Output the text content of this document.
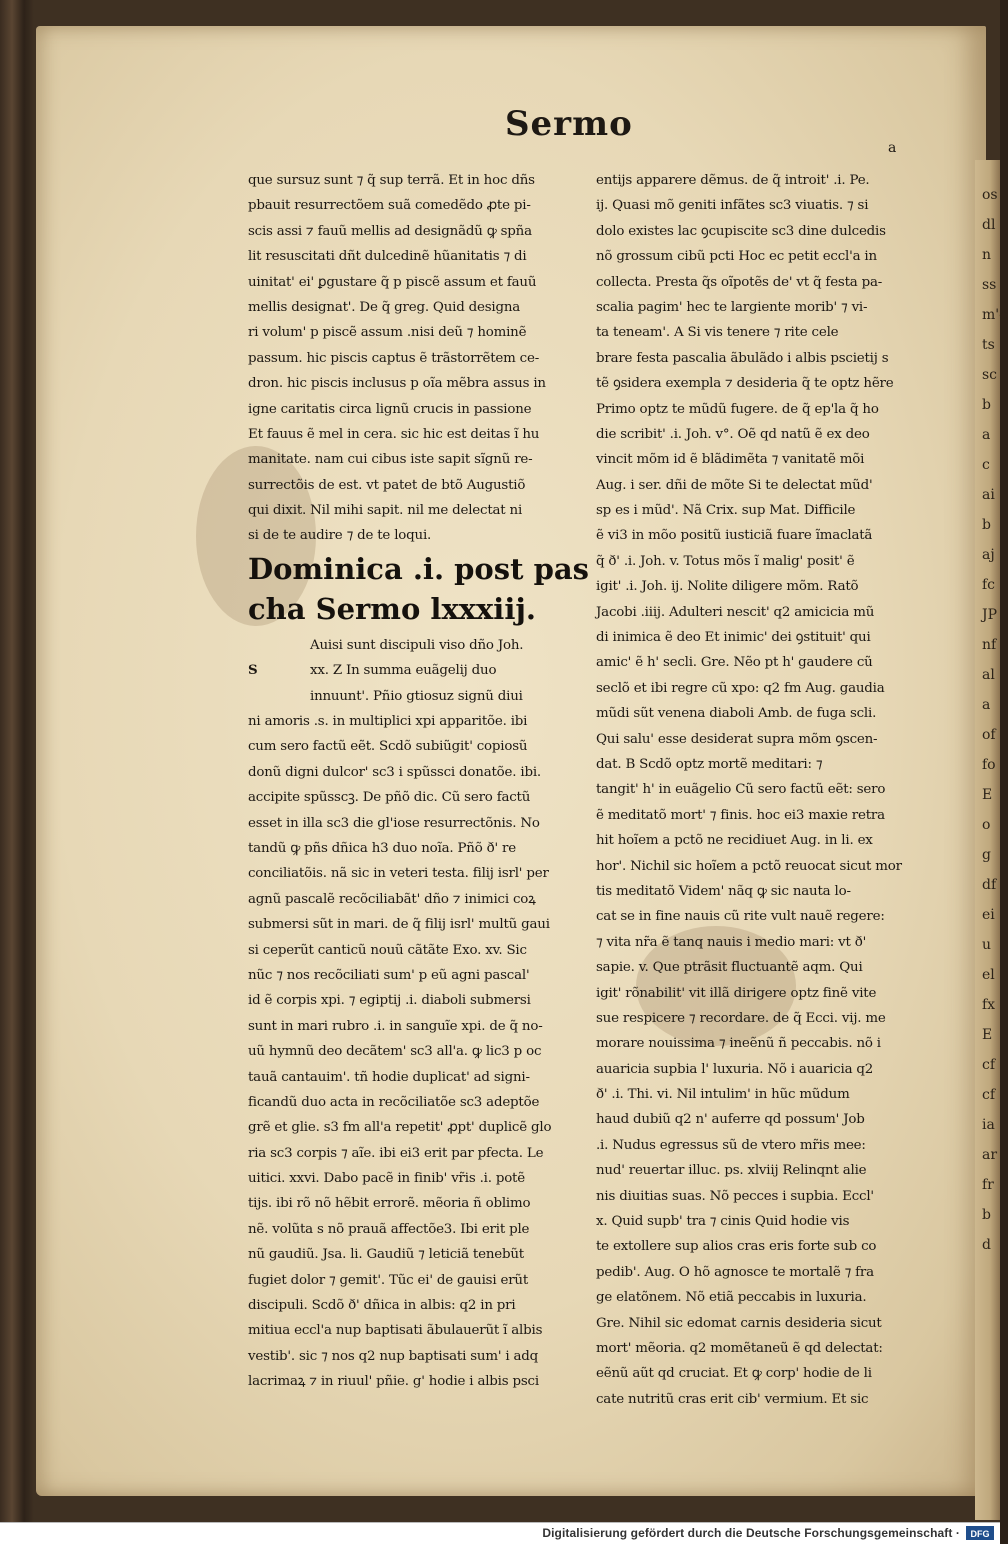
osdlnssm'otsscbacaibajfcJPnfalaoffoEogdfeiuelfxEcfcfiaarfrbd
Sermo
a
que sursuz sunt ⁊ q̃ sup terrã. Et in hoc dñs
pbauit resurrectõem suã comedẽdo ꝓte pi-
scis assi ⁊ fauũ mellis ad designãdũ ꝙ spña
lit resuscitati dñt dulcedinẽ hũanitatis ⁊ di
uinitat' ei' ꝑgustare q̃ p piscẽ assum et fauũ
mellis designat'. De q̃ greg. Quid designa
ri volum' p piscẽ assum .nisi deũ ⁊ hominẽ
passum. hic piscis captus ẽ trãstorrẽtem ce-
dron. hic piscis inclusus p oĩa mẽbra assus in
igne caritatis circa lignũ crucis in passione
Et fauus ẽ mel in cera. sic hic est deitas ĩ hu
manitate. nam cui cibus iste sapit sĩgnũ re-
surrectõis de est. vt patet de btõ Augustiõ
qui dixit. Nil mihi sapit. nil me delectat ni
si de te audire ⁊ de te loqui.
Dominica .i. post pas
cha Sermo lxxxiij.
Auisi sunt discipuli viso dño Joh.
S	xx. Z In summa euãgelij duo
innuunt'. Pñio gtiosuz signũ diui
ni amoris .s. in multiplici xpi apparitõe. ibi
cum sero factũ eẽt. Scdõ subiũgit' copiosũ
donũ digni dulcor' sc3 i spũssci donatõe. ibi.
accipite spũsscꝫ. De pñõ dic. Cũ sero factũ
esset in illa sc3 die gl'iose resurrectõnis. No
tandũ ꝙ pñs dñica h3 duo noĩa. Pñõ ð' re
conciliatõis. nã sic in veteri testa. filij isrl' per
agnũ pascalẽ recõciliabãt' dño ⁊ inimici coꝝ
submersi sũt in mari. de q̃ filij isrl' multũ gaui
si ceperũt canticũ nouũ cãtãte Exo. xv. Sic
nũc ⁊ nos recõciliati sum' p eũ agni pascal'
id ẽ corpis xpi. ⁊ egiptij .i. diaboli submersi
sunt in mari rubro .i. in sanguĩe xpi. de q̃ no-
uũ hymnũ deo decãtem' sc3 all'a. ꝙ lic3 p oc
tauã cantauim'. tñ hodie duplicat' ad signi-
ficandũ duo acta in recõciliatõe sc3 adeptõe
grẽ et glie. s3 fm all'a repetit' ꝓpt' duplicẽ glo
ria sc3 corpis ⁊ aĩe. ibi ei3 erit par pfecta. Le
uitici. xxvi. Dabo pacẽ in finib' vr̃is .i. potẽ
tijs. ibi rõ nõ hẽbit errorẽ. mẽoria ñ oblimo
nẽ. volũta s nõ prauã affectõe3. Ibi erit ple
nũ gaudiũ. Jsa. li. Gaudiũ ⁊ leticiã tenebũt
fugiet dolor ⁊ gemit'. Tũc ei' de gauisi erũt
discipuli. Scdõ ð' dñica in albis: q2 in pri
mitiua eccl'a nup baptisati ãbulauerũt ĩ albis
vestib'. sic ⁊ nos q2 nup baptisati sum' i adq
lacrimaꝝ ⁊ in riuul' pñie. g' hodie i albis psci
entijs apparere dẽmus. de q̃ introit' .i. Pe.
ij. Quasi mõ geniti infãtes sc3 viuatis. ⁊ si
dolo existes lac ꝯcupiscite sc3 dine dulcedis
nõ grossum cibũ pcti Hoc ec petit eccl'a in
collecta. Presta q̃s oĩpotẽs de' vt q̃ festa pa-
scalia pagim' hec te largiente morib' ⁊ vi-
ta teneam'. A Si vis tenere ⁊ rite cele
brare festa pascalia ãbulãdo i albis pscietij s
tẽ ꝯsidera exempla ⁊ desideria q̃ te optz hẽre
Primo optz te mũdũ fugere. de q̃ ep'la q̃ ho
die scribit' .i. Joh. v°. Oẽ qd natũ ẽ ex deo
vincit mõm id ẽ blãdimẽta ⁊ vanitatẽ mõi
Aug. i ser. dñi de mõte Si te delectat mũd'
sp es i mũd'. Nã Crix. sup Mat. Difficile
ẽ vi3 in mõo positũ iusticiã fuare ĩmaclatã
q̃ ð' .i. Joh. v. Totus mõs ĩ malig' posit' ẽ
igit' .i. Joh. ij. Nolite diligere mõm. Ratõ
Jacobi .iiij. Adulteri nescit' q2 amicicia mũ
di inimica ẽ deo Et inimic' dei ꝯstituit' qui
amic' ẽ h' secli. Gre. Nẽo pt h' gaudere cũ
seclõ et ibi regre cũ xpo: q2 fm Aug. gaudia
mũdi sũt venena diaboli Amb. de fuga scli.
Qui salu' esse desiderat supra mõm ꝯscen-
dat. B Scdõ optz mortẽ meditari: ⁊
tangit' h' in euãgelio Cũ sero factũ eẽt: sero
ẽ meditatõ mort' ⁊ finis. hoc ei3 maxie retra
hit hoĩem a pctõ ne recidiuet Aug. in li. ex
hor'. Nichil sic hoĩem a pctõ reuocat sicut mor
tis meditatõ Videm' nãq ꝙ sic nauta lo-
cat se in fine nauis cũ rite vult nauẽ regere:
⁊ vita nr̃a ẽ tanq nauis i medio mari: vt ð'
sapie. v. Que ptrãsit fluctuantẽ aqm. Qui
igit' rõnabilit' vit illã dirigere optz finẽ vite
sue respicere ⁊ recordare. de q̃ Ecci. vij. me
morare nouissima ⁊ ineẽnũ ñ peccabis. nõ i
auaricia supbia l' luxuria. Nõ i auaricia q2
ð' .i. Thi. vi. Nil intulim' in hũc mũdum
haud dubiũ q2 n' auferre qd possum' Job
.i. Nudus egressus sũ de vtero mr̃is mee:
nud' reuertar illuc. ps. xlviij Relinqnt alie
nis diuitias suas. Nõ pecces i supbia. Eccl'
x. Quid supb' tra ⁊ cinis Quid hodie vis
te extollere sup alios cras eris forte sub co
pedib'. Aug. O hõ agnosce te mortalẽ ⁊ fra
ge elatõnem. Nõ etiã peccabis in luxuria.
Gre. Nihil sic edomat carnis desideria sicut
mort' mẽoria. q2 momẽtaneũ ẽ qd delectat:
eẽnũ aũt qd cruciat. Et ꝙ corp' hodie de li
cate nutritũ cras erit cib' vermium. Et sic
Digitalisierung gefördert durch die Deutsche Forschungsgemeinschaft · DFG
